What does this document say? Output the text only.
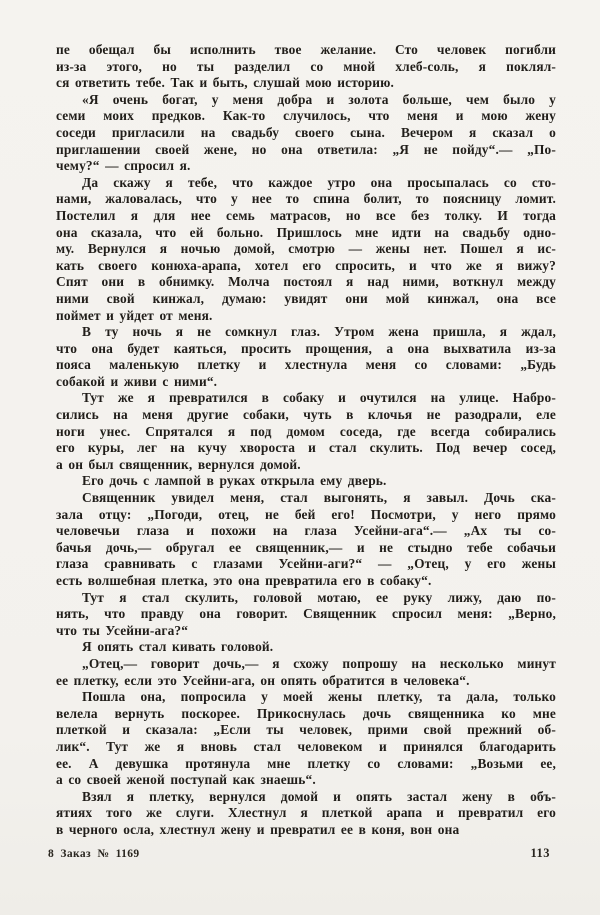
пе обещал бы исполнить твое желание. Сто человек погибли
из-за этого, но ты разделил со мной хлеб-соль, я поклял-
ся ответить тебе. Так и быть, слушай мою историю.

«Я очень богат, у меня добра и золота больше, чем было у
семи моих предков. Как-то случилось, что меня и мою жену
соседи пригласили на свадьбу своего сына. Вечером я сказал о
приглашении своей жене, но она ответила: „Я не пойду“.— „По-
чему?“ — спросил я.

Да скажу я тебе, что каждое утро она просыпалась со сто-
нами, жаловалась, что у нее то спина болит, то поясницу ломит.
Постелил я для нее семь матрасов, но все без толку. И тогда
она сказала, что ей больно. Пришлось мне идти на свадьбу одно-
му. Вернулся я ночью домой, смотрю — жены нет. Пошел я ис-
кать своего конюха-арапа, хотел его спросить, и что же я вижу?
Спят они в обнимку. Молча постоял я над ними, воткнул между
ними свой кинжал, думаю: увидят они мой кинжал, она все
поймет и уйдет от меня.

В ту ночь я не сомкнул глаз. Утром жена пришла, я ждал,
что она будет каяться, просить прощения, а она выхватила из-за
пояса маленькую плетку и хлестнула меня со словами: „Будь
собакой и живи с ними“.

Тут же я превратился в собаку и очутился на улице. Набро-
сились на меня другие собаки, чуть в клочья не разодрали, еле
ноги унес. Спрятался я под домом соседа, где всегда собирались
его куры, лег на кучу хвороста и стал скулить. Под вечер сосед,
а он был священник, вернулся домой.

Его дочь с лампой в руках открыла ему дверь.

Священник увидел меня, стал выгонять, я завыл. Дочь ска-
зала отцу: „Погоди, отец, не бей его! Посмотри, у него прямо
человечьи глаза и похожи на глаза Усейни-ага“.— „Ах ты со-
бачья дочь,— обругал ее священник,— и не стыдно тебе собачьи
глаза сравнивать с глазами Усейни-аги?“ — „Отец, у его жены
есть волшебная плетка, это она превратила его в собаку“.

Тут я стал скулить, головой мотаю, ее руку лижу, даю по-
нять, что правду она говорит. Священник спросил меня: „Верно,
что ты Усейни-ага?“

Я опять стал кивать головой.

„Отец,— говорит дочь,— я схожу попрошу на несколько минут
ее плетку, если это Усейни-ага, он опять обратится в человека“.

Пошла она, попросила у моей жены плетку, та дала, только
велела вернуть поскорее. Прикоснулась дочь священника ко мне
плеткой и сказала: „Если ты человек, прими свой прежний об-
лик“. Тут же я вновь стал человеком и принялся благодарить
ее. А девушка протянула мне плетку со словами: „Возьми ее,
а со своей женой поступай как знаешь“.

Взял я плетку, вернулся домой и опять застал жену в объ-
ятиях того же слуги. Хлестнул я плеткой арапа и превратил его
в черного осла, хлестнул жену и превратил ее в коня, вон она

8 Заказ № 1169	113
